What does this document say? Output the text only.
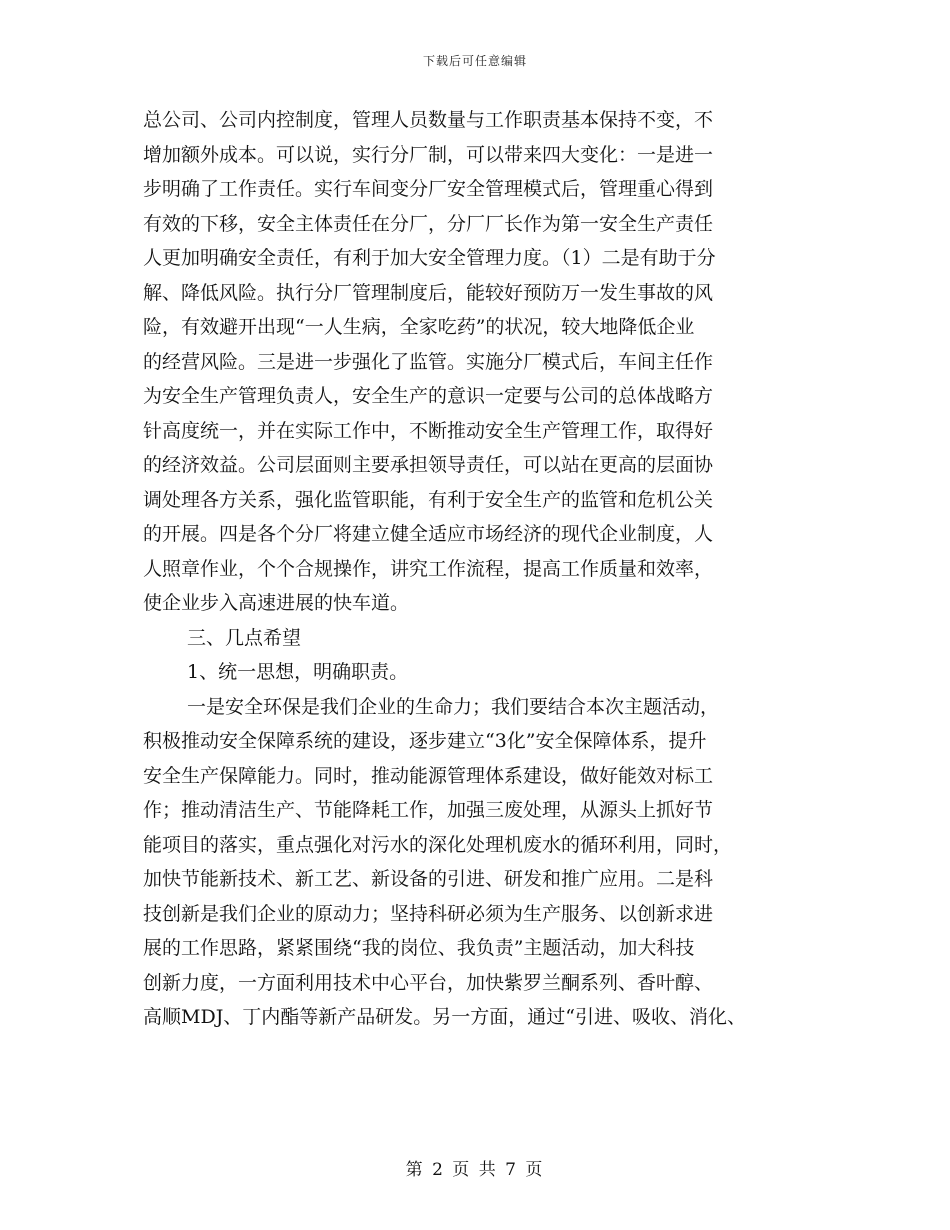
下载后可任意编辑
总公司、公司内控制度，管理人员数量与工作职责基本保持不变，不
增加额外成本。可以说，实行分厂制，可以带来四大变化：一是进一
步明确了工作责任。实行车间变分厂安全管理模式后，管理重心得到
有效的下移，安全主体责任在分厂，分厂厂长作为第一安全生产责任
人更加明确安全责任，有利于加大安全管理力度。（1）二是有助于分
解、降低风险。执行分厂管理制度后，能较好预防万一发生事故的风
险，有效避开出现“一人生病，全家吃药”的状况，较大地降低企业
的经营风险。三是进一步强化了监管。实施分厂模式后，车间主任作
为安全生产管理负责人，安全生产的意识一定要与公司的总体战略方
针高度统一，并在实际工作中，不断推动安全生产管理工作，取得好
的经济效益。公司层面则主要承担领导责任，可以站在更高的层面协
调处理各方关系，强化监管职能，有利于安全生产的监管和危机公关
的开展。四是各个分厂将建立健全适应市场经济的现代企业制度，人
人照章作业，个个合规操作，讲究工作流程，提高工作质量和效率，
使企业步入高速进展的快车道。
三、几点希望
1、统一思想，明确职责。
一是安全环保是我们企业的生命力；我们要结合本次主题活动，
积极推动安全保障系统的建设，逐步建立“3化”安全保障体系，提升
安全生产保障能力。同时，推动能源管理体系建设，做好能效对标工
作；推动清洁生产、节能降耗工作，加强三废处理，从源头上抓好节
能项目的落实，重点强化对污水的深化处理机废水的循环利用，同时，
加快节能新技术、新工艺、新设备的引进、研发和推广应用。二是科
技创新是我们企业的原动力；坚持科研必须为生产服务、以创新求进
展的工作思路，紧紧围绕“我的岗位、我负责”主题活动，加大科技
创新力度，一方面利用技术中心平台，加快紫罗兰酮系列、香叶醇、
高顺MDJ、丁内酯等新产品研发。另一方面，通过“引进、吸收、消化、
第 2 页 共 7 页
